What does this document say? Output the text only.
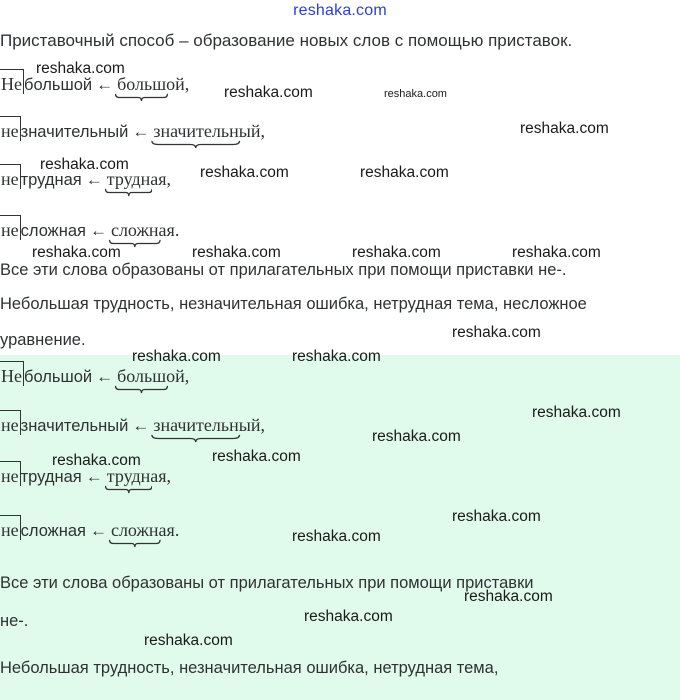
reshaka.com
Приставочный способ – образование новых слов с помощью приставок.
Не большой ← больш
ой,
не значительный ← значительн
ый,
не трудная ← трудн
ая,
не сложная ← сложн
ая.
Все эти слова образованы от прилагательных при помощи приставки не-.
Небольшая трудность, незначительная ошибка, нетрудная тема, несложное
уравнение.
Не большой ← больш
ой,
не значительный ← значительн
ый,
не трудная ← трудн
ая,
не сложная ← сложн
ая.
Все эти слова образованы от прилагательных при помощи приставки
не-.
Небольшая трудность, незначительная ошибка, нетрудная тема,
reshaka.com
reshaka.com	reshaka.com
reshaka.com
reshaka.com	reshaka.com	reshaka.com
reshaka.com	reshaka.com	reshaka.com	reshaka.com
reshaka.com
reshaka.com	reshaka.com
reshaka.com
reshaka.com
reshaka.com
reshaka.com
reshaka.com
reshaka.com
reshaka.com
reshaka.com
reshaka.com
